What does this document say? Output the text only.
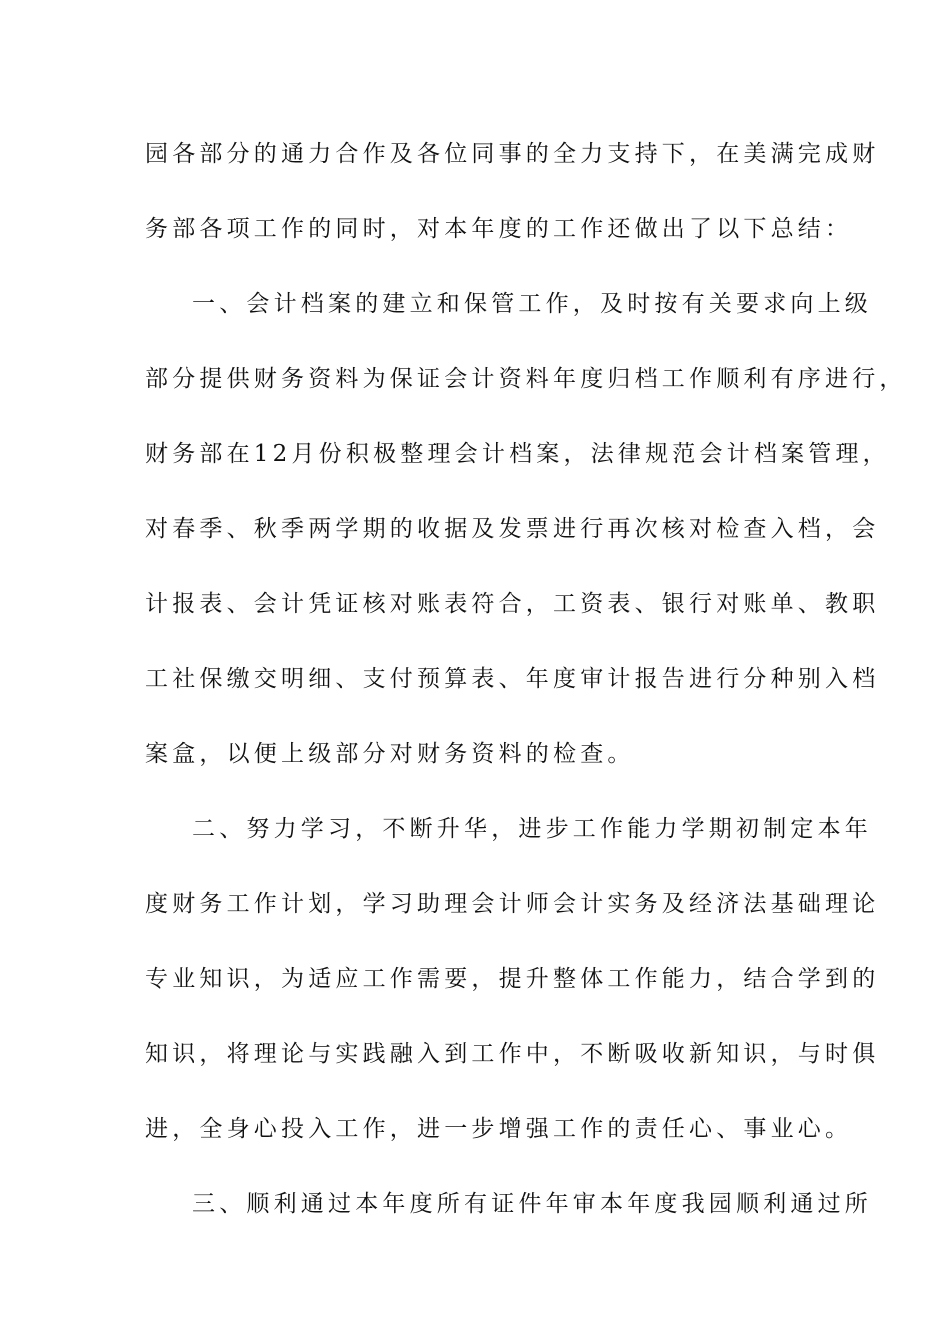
园各部分的通力合作及各位同事的全力支持下，在美满完成财
务部各项工作的同时，对本年度的工作还做出了以下总结：
一、会计档案的建立和保管工作，及时按有关要求向上级
部分提供财务资料为保证会计资料年度归档工作顺利有序进行，
财务部在12月份积极整理会计档案，法律规范会计档案管理，
对春季、秋季两学期的收据及发票进行再次核对检查入档，会
计报表、会计凭证核对账表符合，工资表、银行对账单、教职
工社保缴交明细、支付预算表、年度审计报告进行分种别入档
案盒，以便上级部分对财务资料的检查。
二、努力学习，不断升华，进步工作能力学期初制定本年
度财务工作计划，学习助理会计师会计实务及经济法基础理论
专业知识，为适应工作需要，提升整体工作能力，结合学到的
知识，将理论与实践融入到工作中，不断吸收新知识，与时俱
进，全身心投入工作，进一步增强工作的责任心、事业心。
三、顺利通过本年度所有证件年审本年度我园顺利通过所
